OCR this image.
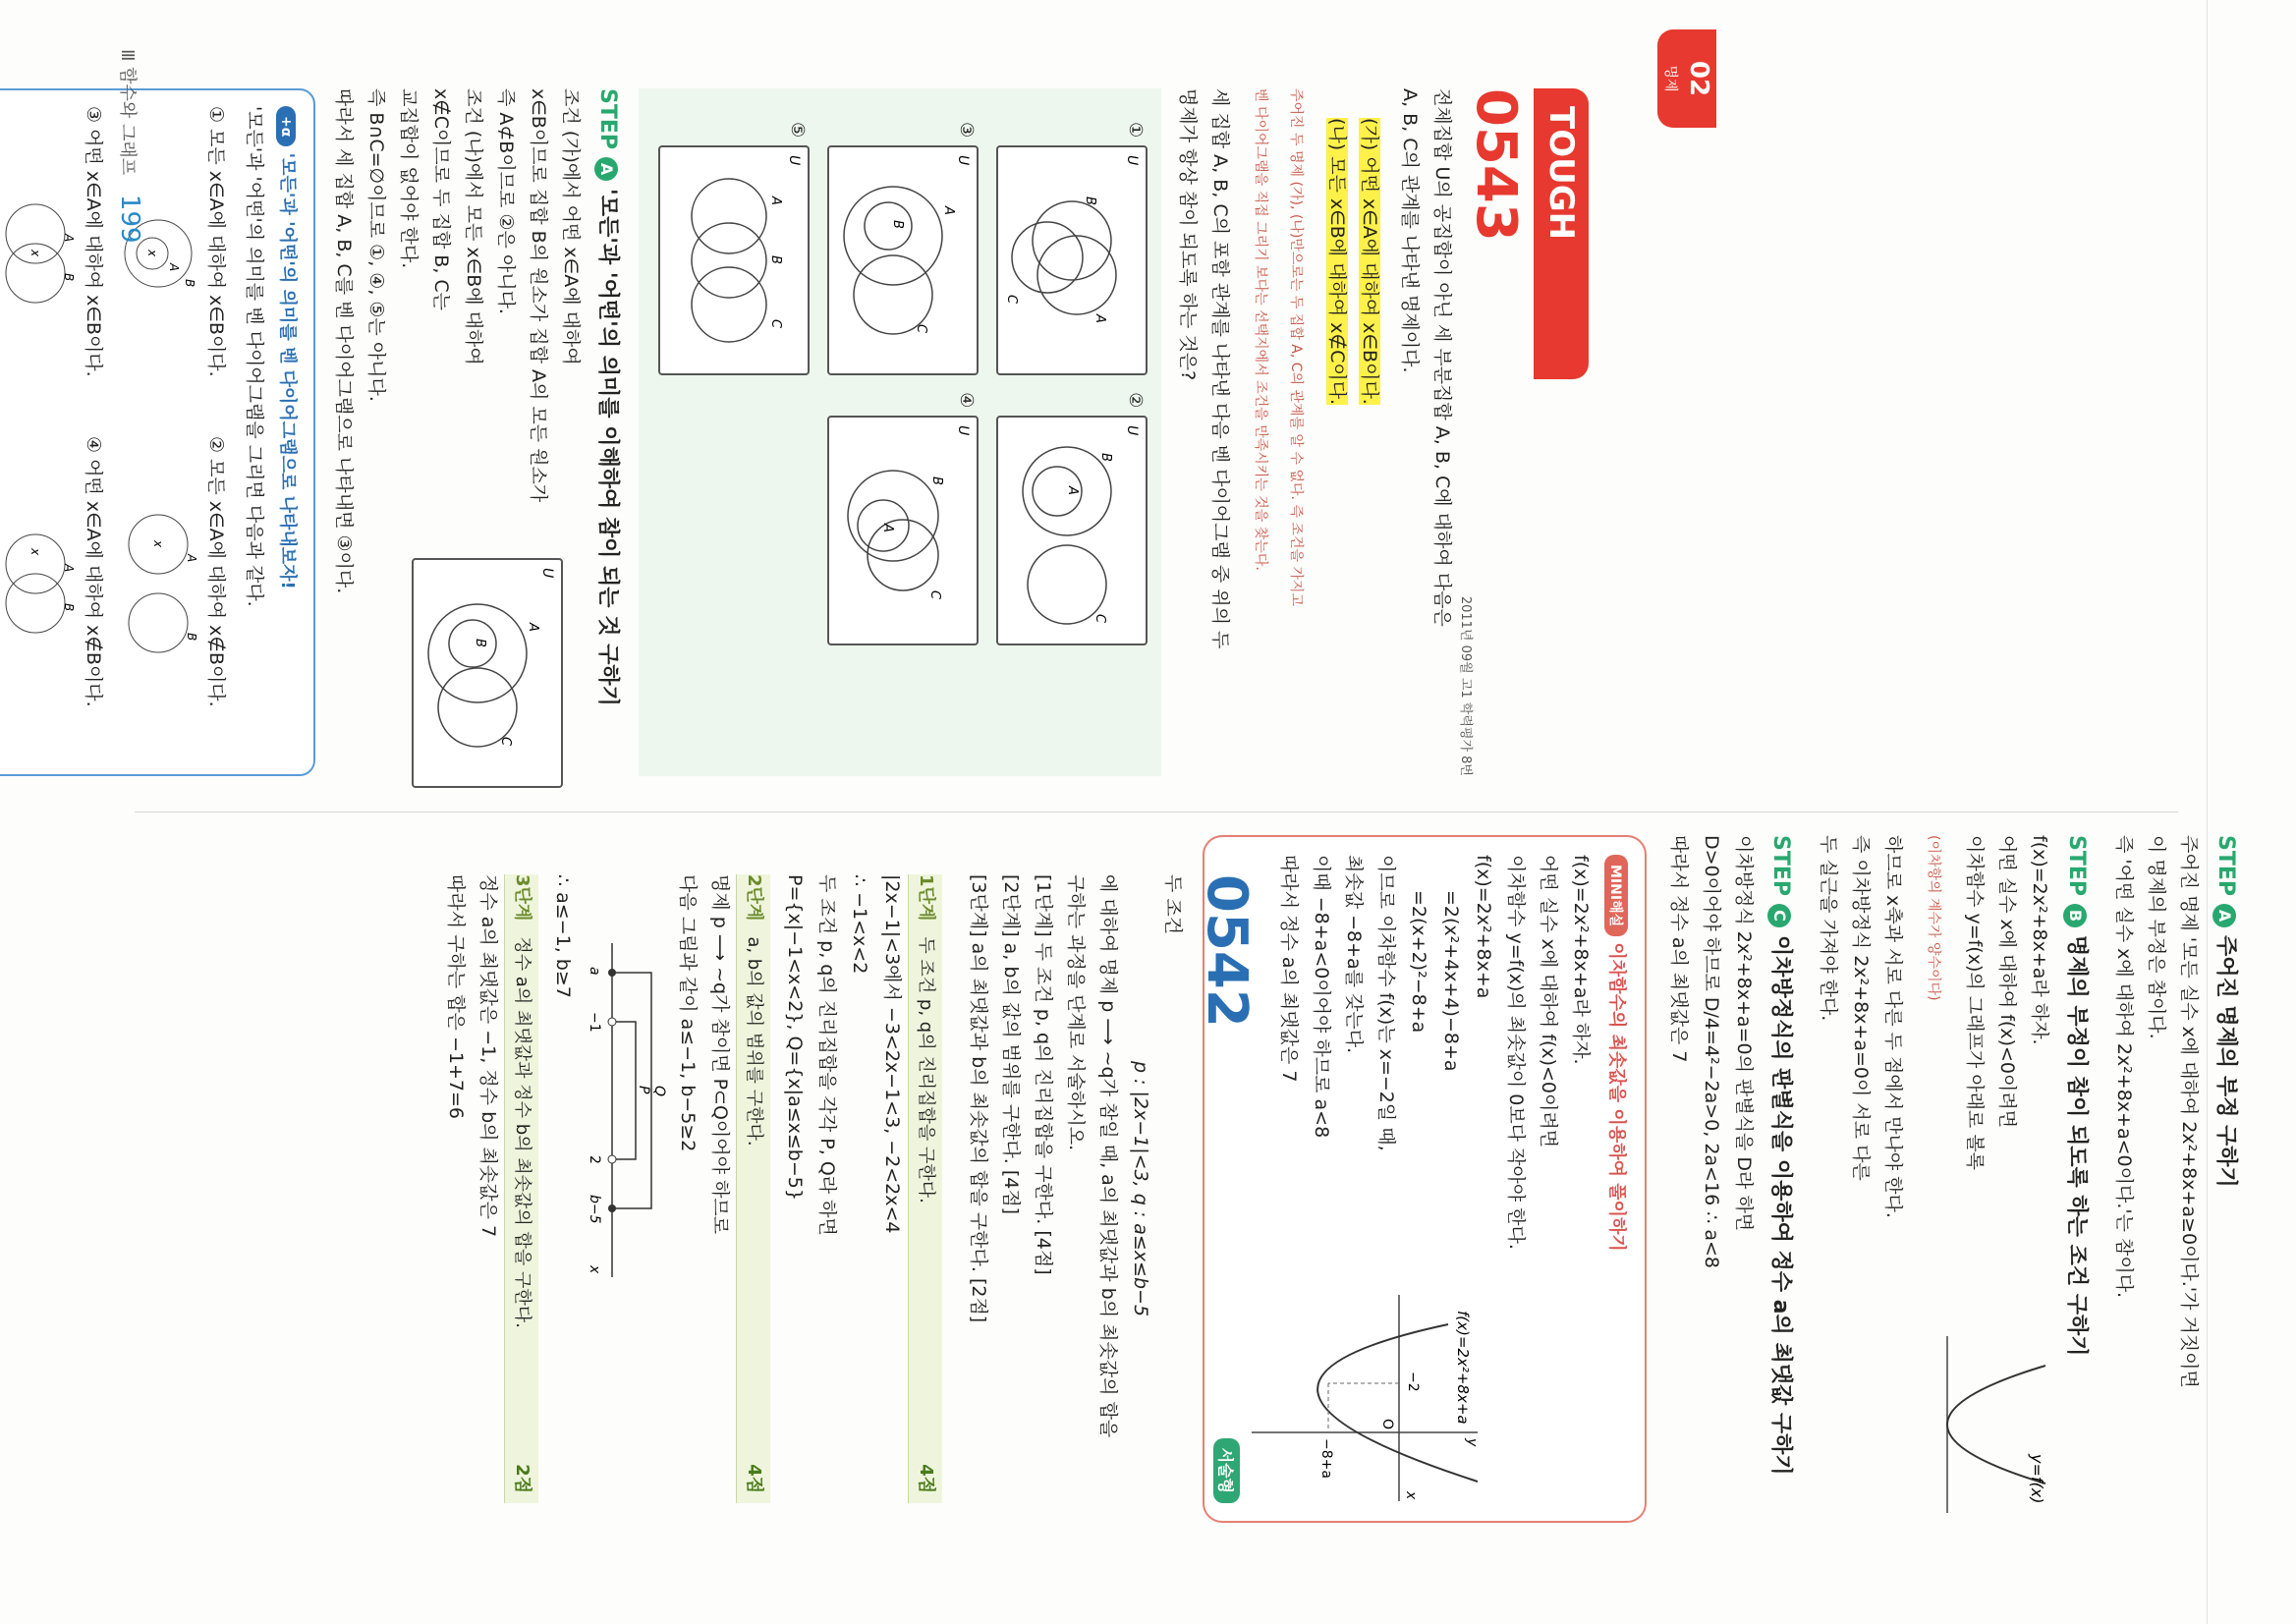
STEPA주어진 명제의 부정 구하기

주어진 명제 '모든 실수 x에 대하여 2x²+8x+a≥0이다.'가 거짓이면

이 명제의 부정은 참이다.

즉 '어떤 실수 x에 대하여 2x²+8x+a<0이다.'는 참이다.

STEPB명제의 부정이 참이 되도록 하는 조건 구하기

f(x)=2x²+8x+a라 하자.

어떤 실수 x에 대하여 f(x)<0이려면

이차함수 y=f(x)의 그래프가 아래로 볼록

(이차항의 계수가 양수이다)

하므로 x축과 서로 다른 두 점에서 만나야 한다.

즉 이차방정식 2x²+8x+a=0이 서로 다른

두 실근을 가져야 한다.

y=f(x)
STEPC이차방정식의 판별식을 이용하여 정수 a의 최댓값 구하기

이차방정식 2x²+8x+a=0의 판별식을 D라 하면

D>0이어야 하므로 D/4=4²−2a>0, 2a<16 ∴ a<8

따라서 정수 a의 최댓값은 7

MINI해설 이차함수의 최솟값을 이용하여 풀이하기

f(x)=2x²+8x+a라 하자.

어떤 실수 x에 대하여 f(x)<0이려면

이차함수 y=f(x)의 최솟값이 0보다 작아야 한다.

f(x)=2x²+8x+a

=2(x²+4x+4)−8+a

=2(x+2)²−8+a

이므로 이차함수 f(x)는 x=−2일 때,

최솟값 −8+a를 갖는다.

이때 −8+a<0이어야 하므로 a<8

따라서 정수 a의 최댓값은 7

f(x)=2x²+8x+a
y
x
O
−2
−8+a
0542
서술형

두 조건

p : |2x−1|<3, q : a≤x≤b−5

에 대하여 명제 p ⟶ ~q가 참일 때, a의 최댓값과 b의 최솟값의 합을

구하는 과정을 단계로 서술하시오.

[1단계] 두 조건 p, q의 진리집합을 구한다. [4점]

[2단계] a, b의 값의 범위를 구한다. [4점]

[3단계] a의 최댓값과 b의 최솟값의 합을 구한다. [2점]

1단계두 조건 p, q의 진리집합을 구한다.
4점

|2x−1|<3에서 −3<2x−1<3, −2<2x<4

∴ −1<x<2

두 조건 p, q의 진리집합을 각각 P, Q라 하면

P={x|−1<x<2}, Q={x|a≤x≤b−5}

2단계a, b의 값의 범위를 구한다.
4점

명제 p ⟶ ~q가 참이면 P⊂Q이어야 하므로

다음 그림과 같이 a≤−1, b−5≥2

Q
P
a
−1
2
b−5
x

∴ a≤−1, b≥7

3단계정수 a의 최댓값과 정수 b의 최솟값의 합을 구한다.
2점

정수 a의 최댓값은 −1, 정수 b의 최솟값은 7

따라서 구하는 합은 −1+7=6

TOUGH
0543
2011년 09월 고1 학력평가 8번

전체집합 U의 공집합이 아닌 세 부분집합 A, B, C에 대하여 다음은

A, B, C의 관계를 나타낸 명제이다.

(가) 어떤 x∈A에 대하여 x∈B이다.

(나) 모든 x∈B에 대하여 x∉C이다.

주어진 두 명제 (가), (나)만으로는 두 집합 A, C의 관계를 알 수 없다. 즉 조건을 가지고

벤 다이어그램을 직접 그리기 보다는 선택지에서 조건을 만족시키는 것을 찾는다.

세 집합 A, B, C의 포함 관계를 나타낸 다음 벤 다이어그램 중 위의 두

명제가 항상 참이 되도록 하는 것은?

①
U
B
A
C

②
U
B
A
C

③
U
A
B
C

④
U
B
A
C

⑤
U
A
B
C
STEPA'모든'과 '어떤'의 의미를 이해하여 참이 되는 것 구하기

조건 (가)에서 어떤 x∈A에 대하여

x∈B이므로 집합 B의 원소가 집합 A의 모든 원소가

즉 A⊄B이므로 ②은 아니다.

조건 (나)에서 모든 x∈B에 대하여

x∉C이므로 두 집합 B, C는

교집합이 없어야 한다.

즉 B∩C=∅이므로 ①, ④, ⑤는 아니다.

따라서 세 집합 A, B, C를 벤 다이어그램으로 나타내면 ③이다.	U
A
B
C
+α '모든'과 '어떤'의 의미를 벤 다이어그램으로 나타내보자!

'모든'과 '어떤'의 의미를 벤 다이어그램을 그리면 다음과 같다.

① 모든 x∈A에 대하여 x∈B이다.

x
B
A

② 모든 x∈A에 대하여 x∉B이다.

x
A
B

③ 어떤 x∈A에 대하여 x∈B이다.

x
A
B

④ 어떤 x∈A에 대하여 x∉B이다.

x
A
B
02
명제
Ⅲ 함수와 그래프 199
